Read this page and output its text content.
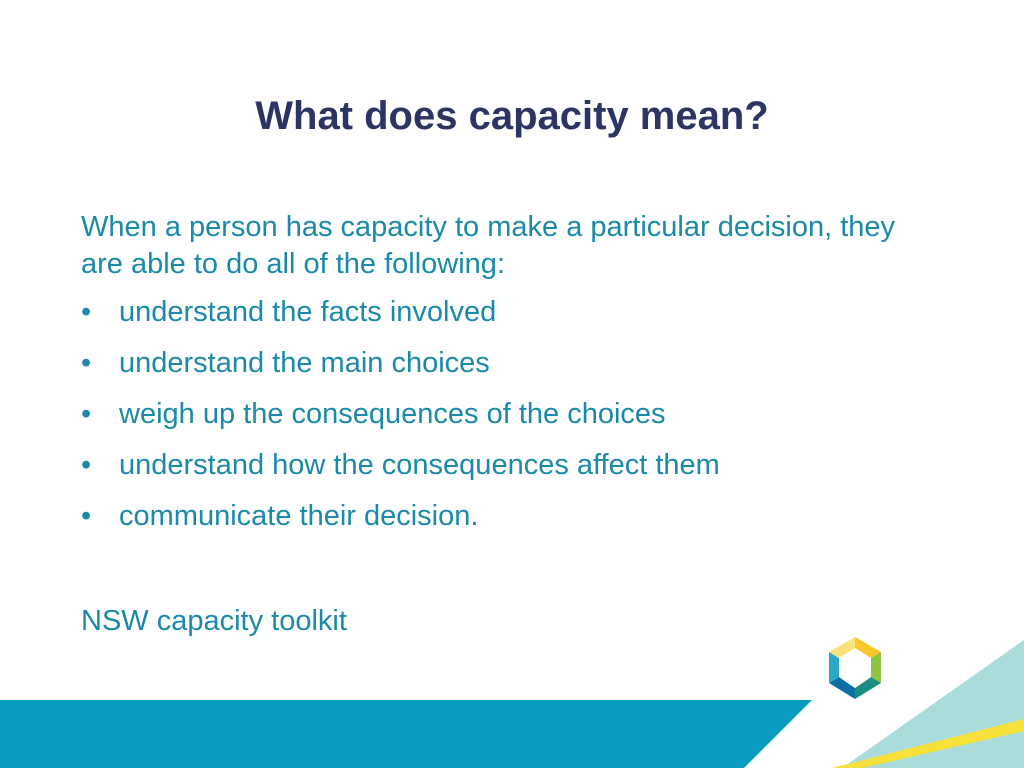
What does capacity mean?

When a person has capacity to make a particular decision, they are able to do all of the following:

• understand the facts involved
• understand the main choices
• weigh up the consequences of the choices
• understand how the consequences affect them
• communicate their decision.

NSW capacity toolkit
